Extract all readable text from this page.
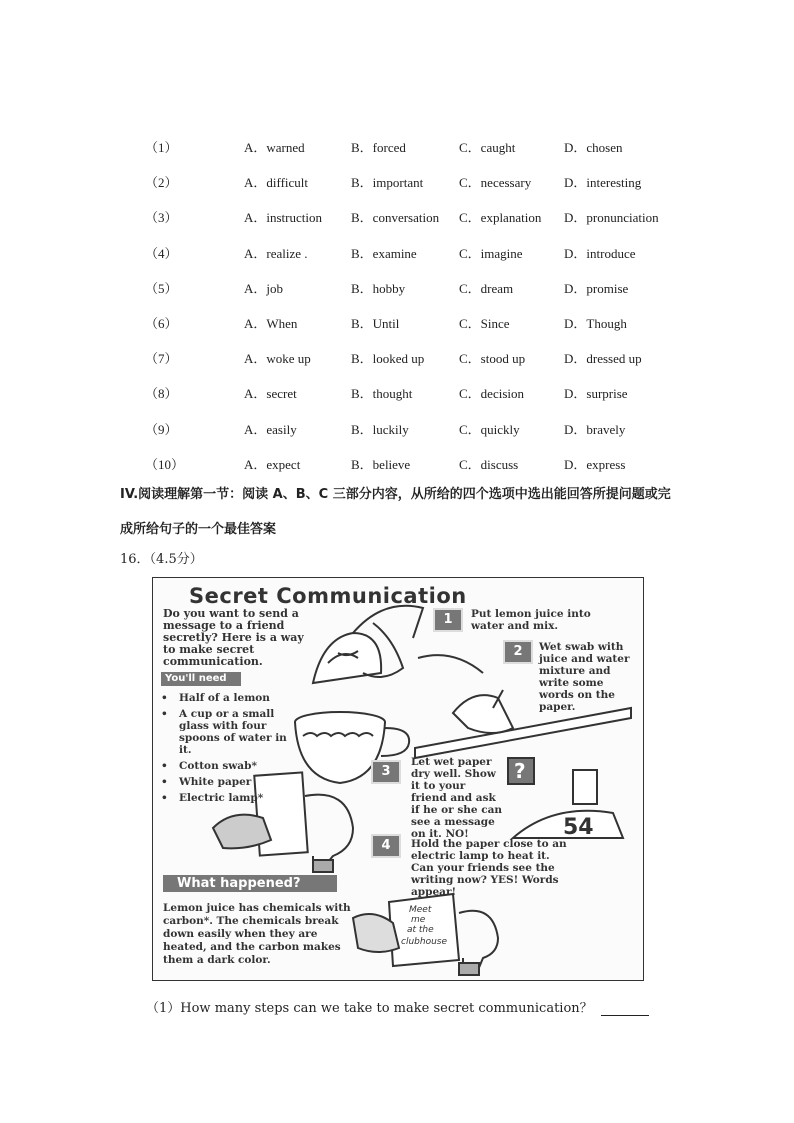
（1）	A．warned	B．forced	C．caught	D．chosen
（2）	A．difficult	B．important	C．necessary	D．interesting
（3）	A．instruction B．conversation C．explanation D．pronunciation
（4）	A．realize .	B．examine	C．imagine	D．introduce
（5）	A．job	B．hobby	C．dream	D．promise
（6）	A．When	B．Until	C．Since	D．Though
（7）	A．woke up	B．looked up	C．stood up	D．dressed up
（8）	A．secret	B．thought	C．decision	D．surprise
（9）	A．easily	B．luckily	C．quickly	D．bravely
（10）	A．expect	B．believe	C．discuss	D．express
IV.阅读理解第一节：阅读 A、B、C 三部分内容，从所给的四个选项中选出能回答所提问题或完成所给句子的一个最佳答案
16．（4.5分）
?
54
Meet
me
at the
clubhouse
Secret Communication
Do you want to send a message to a friend secretly? Here is a way to make secret communication.
You'll need
• Half of a lemon
• A cup or a small glass with four spoons of water in it.
• Cotton swab*
• White paper
• Electric lamp*
What happened?
Lemon juice has chemicals with carbon*. The chemicals break down easily when they are heated, and the carbon makes them a dark color.
1	Put lemon juice into water and mix.
2	Wet swab with juice and water mixture and write some words on the paper.
3
Let wet paper dry well. Show it to your friend and ask if he or she can see a message on it. NO!
4	Hold the paper close to an electric lamp to heat it. Can your friends see the writing now? YES! Words appear!
（1）How many steps can we take to make secret communication？
